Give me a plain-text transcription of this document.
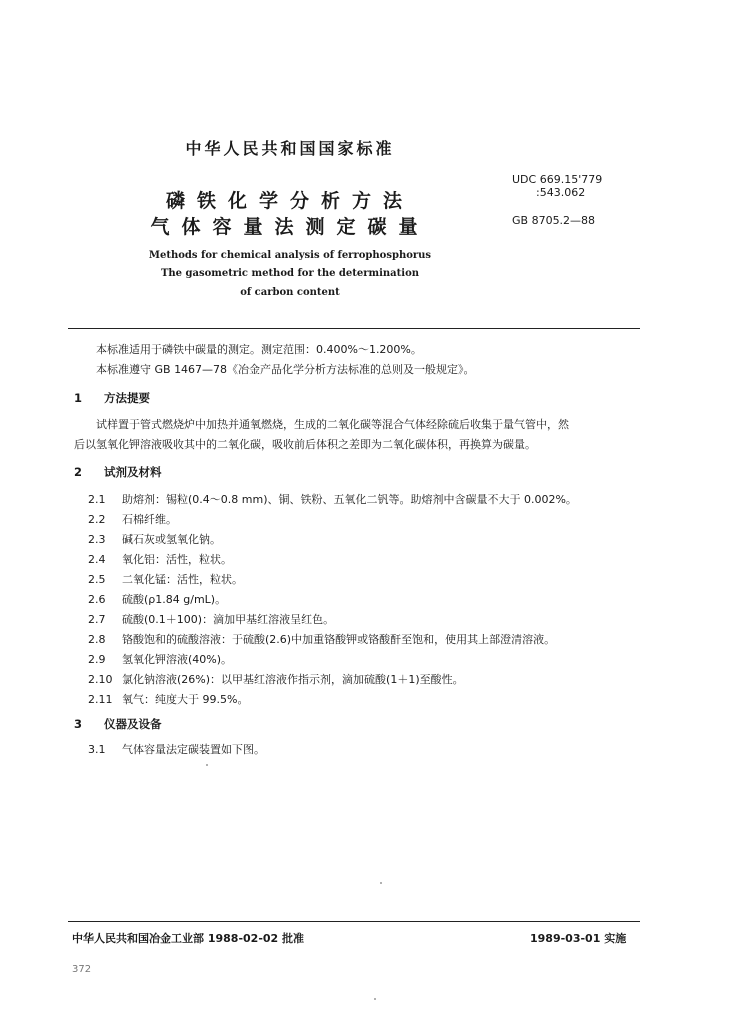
中华人民共和国国家标准
UDC 669.15'779
:543.062
GB 8705.2—88
磷铁化学分析方法
气体容量法测定碳量
Methods for chemical analysis of ferrophosphorus
The gasometric method for the determination
of carbon content
本标准适用于磷铁中碳量的测定。测定范围：0.400%～1.200%。
本标准遵守 GB 1467—78《冶金产品化学分析方法标准的总则及一般规定》。
1 方法提要
试样置于管式燃烧炉中加热并通氧燃烧，生成的二氧化碳等混合气体经除硫后收集于量气管中，然
后以氢氧化钾溶液吸收其中的二氧化碳，吸收前后体积之差即为二氧化碳体积，再换算为碳量。
2 试剂及材料
2.1 助熔剂：锡粒(0.4～0.8 mm)、铜、铁粉、五氧化二钒等。助熔剂中含碳量不大于 0.002%。
2.2 石棉纤维。
2.3 碱石灰或氢氧化钠。
2.4 氧化铝：活性，粒状。
2.5 二氧化锰：活性，粒状。
2.6 硫酸(ρ1.84 g/mL)。
2.7 硫酸(0.1＋100)：滴加甲基红溶液呈红色。
2.8 铬酸饱和的硫酸溶液：于硫酸(2.6)中加重铬酸钾或铬酸酐至饱和，使用其上部澄清溶液。
2.9 氢氧化钾溶液(40%)。
2.10 氯化钠溶液(26%)：以甲基红溶液作指示剂，滴加硫酸(1＋1)至酸性。
2.11 氧气：纯度大于 99.5%。
3 仪器及设备
3.1 气体容量法定碳装置如下图。
中华人民共和国冶金工业部 1988-02-02 批准	1989-03-01 实施
372
